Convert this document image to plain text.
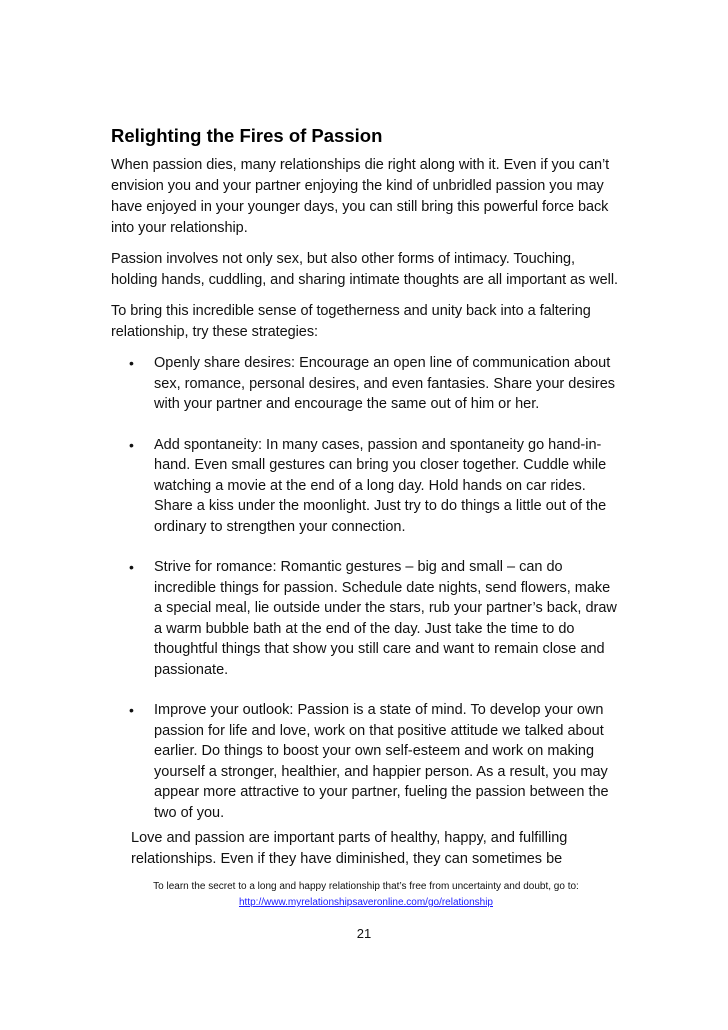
Relighting the Fires of Passion

When passion dies, many relationships die right along with it. Even if you can’t envision you and your partner enjoying the kind of unbridled passion you may have enjoyed in your younger days, you can still bring this powerful force back into your relationship.

Passion involves not only sex, but also other forms of intimacy. Touching, holding hands, cuddling, and sharing intimate thoughts are all important as well.

To bring this incredible sense of togetherness and unity back into a faltering relationship, try these strategies:

•	Openly share desires: Encourage an open line of communication about sex, romance, personal desires, and even fantasies. Share your desires with your partner and encourage the same out of him or her.
•	Add spontaneity: In many cases, passion and spontaneity go hand-in-hand. Even small gestures can bring you closer together. Cuddle while watching a movie at the end of a long day. Hold hands on car rides. Share a kiss under the moonlight. Just try to do things a little out of the ordinary to strengthen your connection.
•	Strive for romance: Romantic gestures – big and small – can do incredible things for passion. Schedule date nights, send flowers, make a special meal, lie outside under the stars, rub your partner’s back, draw a warm bubble bath at the end of the day. Just take the time to do thoughtful things that show you still care and want to remain close and passionate.
•	Improve your outlook: Passion is a state of mind. To develop your own passion for life and love, work on that positive attitude we talked about earlier. Do things to boost your own self-esteem and work on making yourself a stronger, healthier, and happier person. As a result, you may appear more attractive to your partner, fueling the passion between the two of you.

Love and passion are important parts of healthy, happy, and fulfilling relationships. Even if they have diminished, they can sometimes be

To learn the secret to a long and happy relationship that’s free from uncertainty and doubt, go to:
http://www.myrelationshipsaveronline.com/go/relationship
21
